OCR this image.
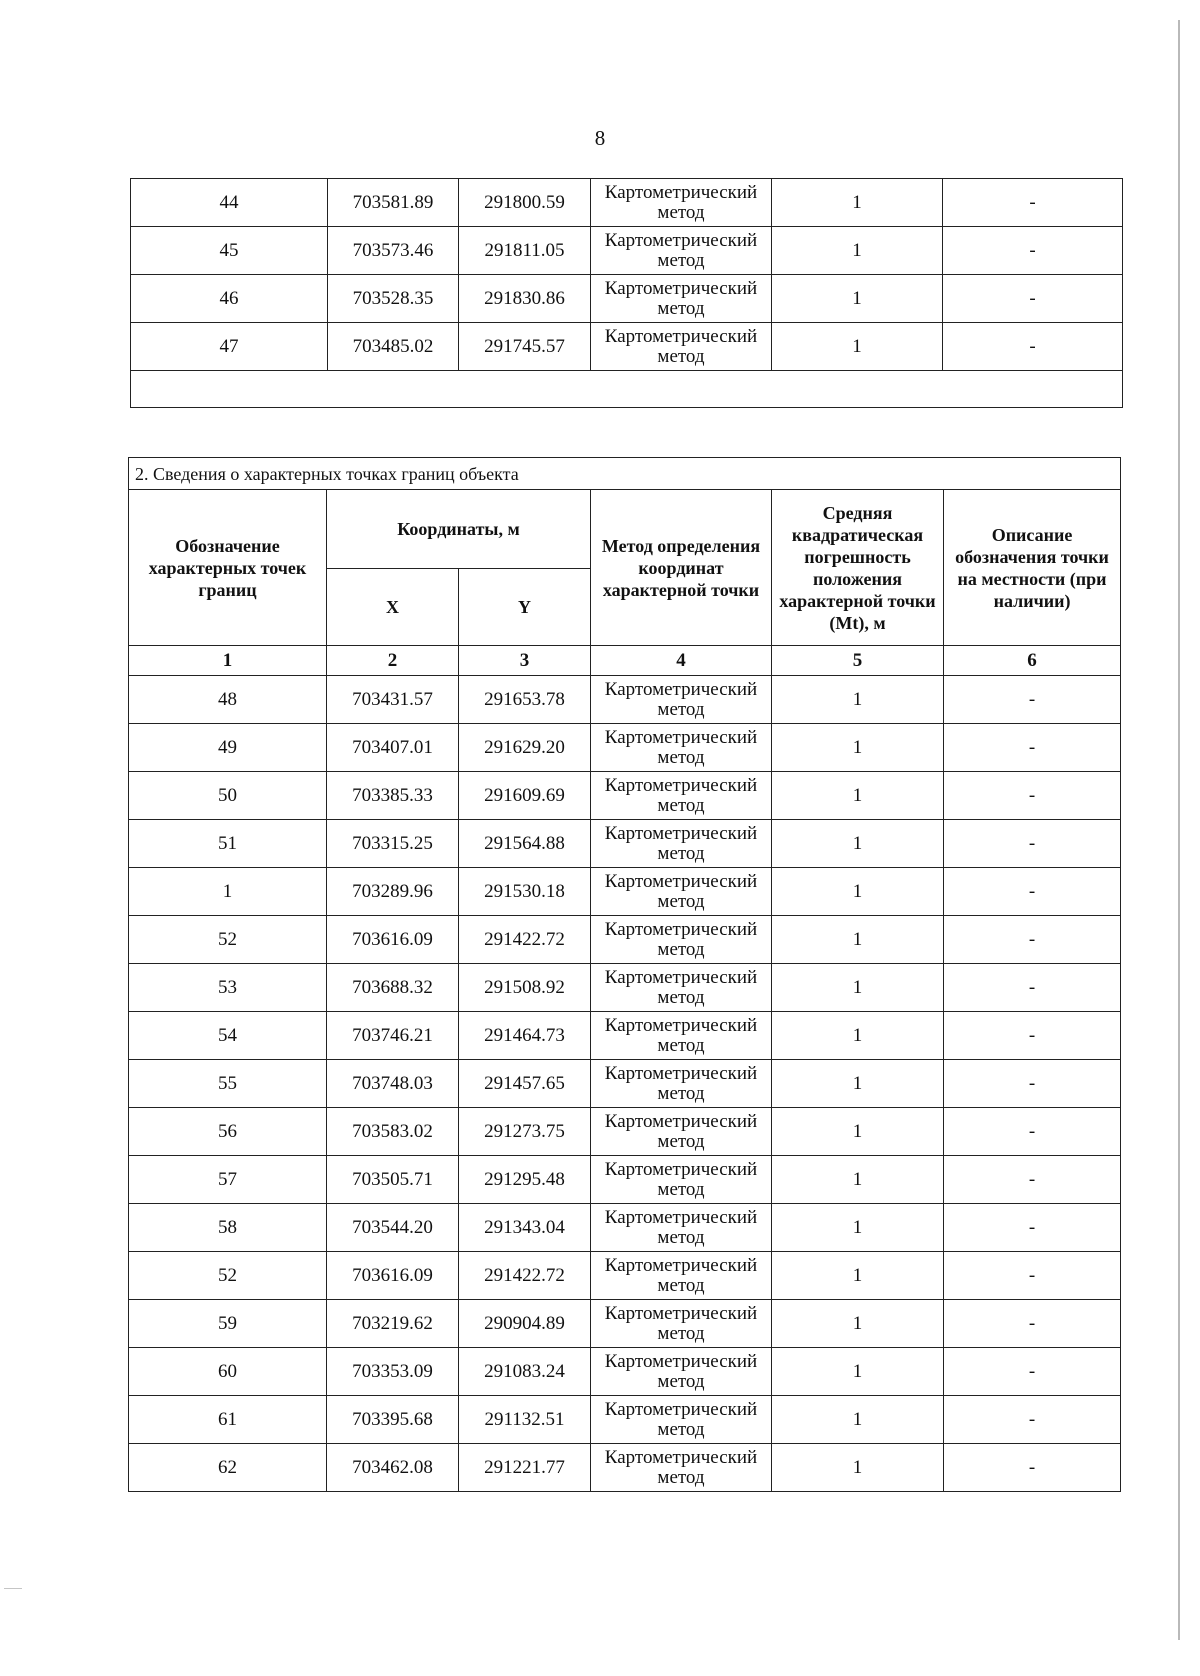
8
44	703581.89	291800.59	Картометрический метод	1	-
45	703573.46	291811.05	Картометрический метод	1	-
46	703528.35	291830.86	Картометрический метод	1	-
47	703485.02	291745.57	Картометрический метод	1	-

2. Сведения о характерных точках границ объекта					
Обозначение характерных точек границ	Координаты, м		Метод определения координат характерной точки	Средняя квадратическая погрешность положения характерной точки (Mt), м	Описание обозначения точки на местности (при наличии)
	X	Y			
1	2	3	4	5	6
48	703431.57	291653.78	Картометрический метод	1	-
49	703407.01	291629.20	Картометрический метод	1	-
50	703385.33	291609.69	Картометрический метод	1	-
51	703315.25	291564.88	Картометрический метод	1	-
1	703289.96	291530.18	Картометрический метод	1	-
52	703616.09	291422.72	Картометрический метод	1	-
53	703688.32	291508.92	Картометрический метод	1	-
54	703746.21	291464.73	Картометрический метод	1	-
55	703748.03	291457.65	Картометрический метод	1	-
56	703583.02	291273.75	Картометрический метод	1	-
57	703505.71	291295.48	Картометрический метод	1	-
58	703544.20	291343.04	Картометрический метод	1	-
52	703616.09	291422.72	Картометрический метод	1	-
59	703219.62	290904.89	Картометрический метод	1	-
60	703353.09	291083.24	Картометрический метод	1	-
61	703395.68	291132.51	Картометрический метод	1	-
62	703462.08	291221.77	Картометрический метод	1	-
